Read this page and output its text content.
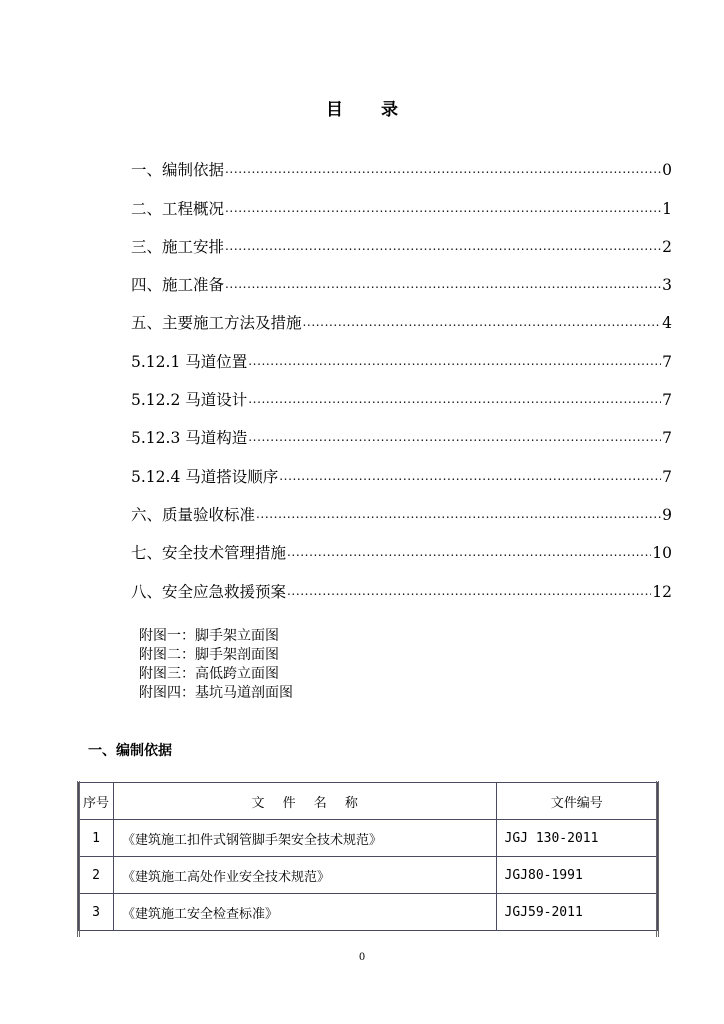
目 录
一、编制依据 .....	0
二、工程概况 .....	1
三、施工安排 .....	2
四、施工准备 .....	3
五、主要施工方法及措施 .....	4
5.12.1 马道位置 .....	7
5.12.2 马道设计 .....	7
5.12.3 马道构造 .....	7
5.12.4 马道搭设顺序 .....	7
六、质量验收标准 .....	9
七、安全技术管理措施 .....	10
八、安全应急救援预案 .....	12
附图一：脚手架立面图
附图二：脚手架剖面图
附图三：高低跨立面图
附图四：基坑马道剖面图
一、编制依据
序号	文 件 名 称	文件编号
1	《建筑施工扣件式钢管脚手架安全技术规范》	JGJ 130-2011
2	《建筑施工高处作业安全技术规范》	JGJ80-1991
3	《建筑施工安全检查标准》	JGJ59-2011
0
